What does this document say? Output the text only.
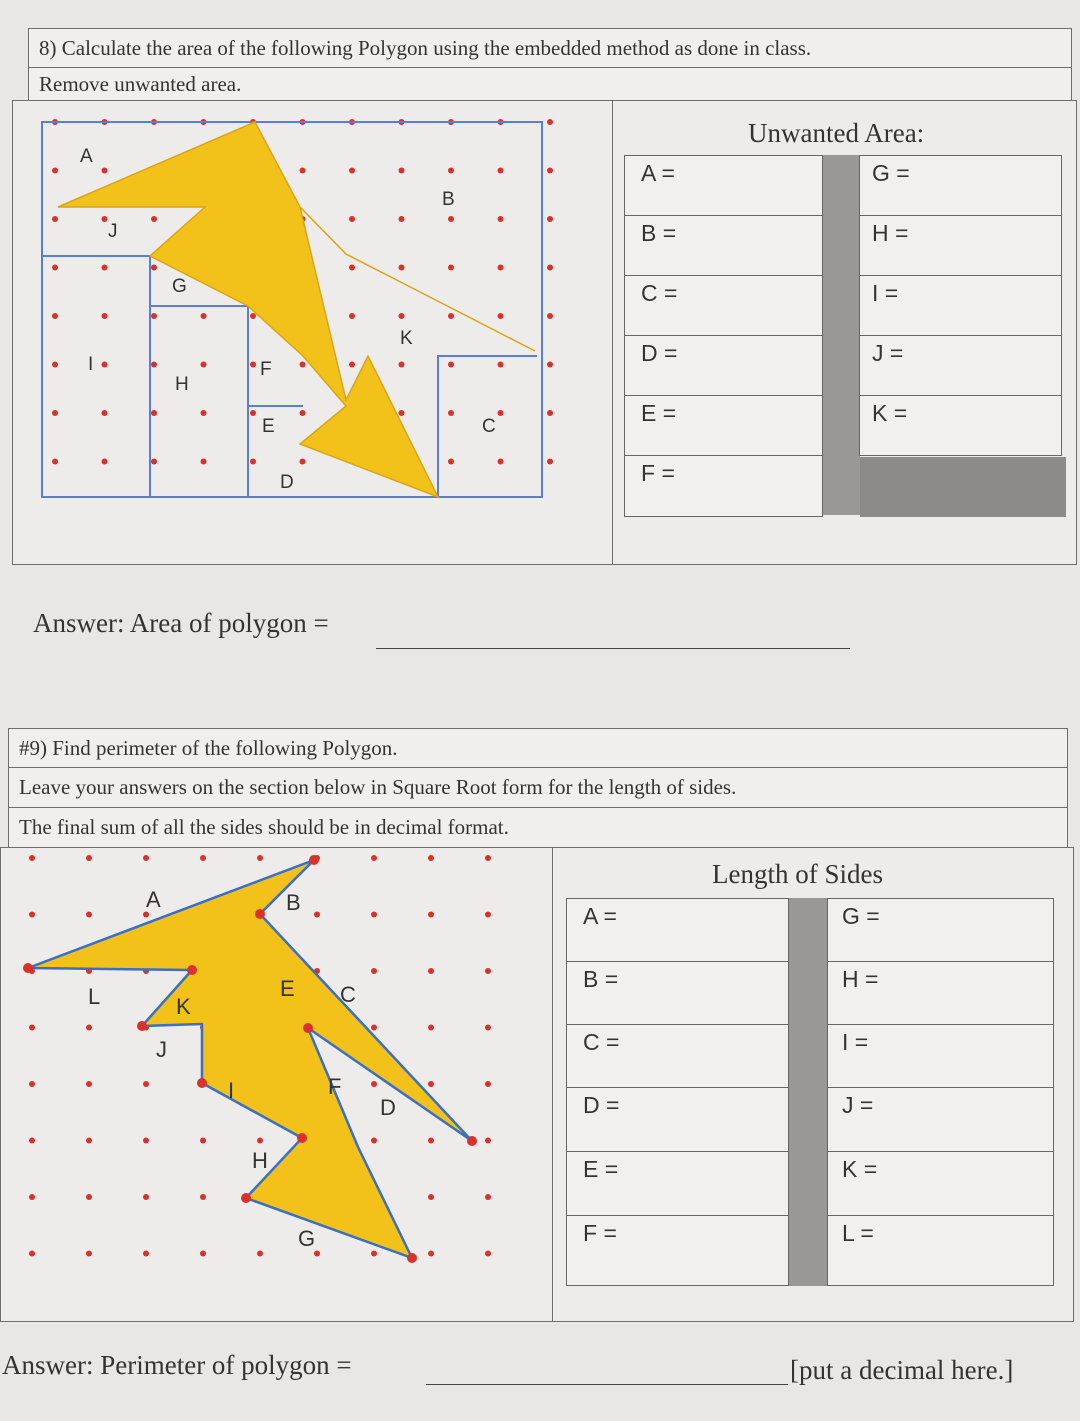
8) Calculate the area of the following Polygon using the embedded method as done in class.
Remove unwanted area.
A
B
C
D
E
F
G
H
I
J
K
Unwanted Area:
A =
B =
C =
D =
E =
F =
G =
H =
I =
J =
K =
Answer: Area of polygon =
#9) Find perimeter of the following Polygon.
Leave your answers on the section below in Square Root form for the length of sides.
The final sum of all the sides should be in decimal format.
A	B
C
D
E
F
G
H
I
J
K
L
Length of Sides
A =
B =
C =
D =
E =
F =
G =
H =
I =
J =
K =
L =
Answer: Perimeter of polygon =	[put a decimal here.]
